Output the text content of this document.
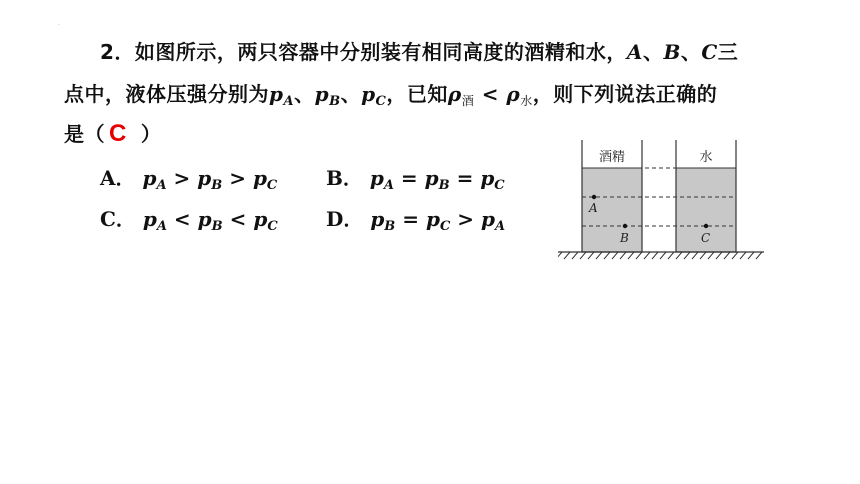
.
2．如图所示，两只容器中分别装有相同高度的酒精和水，A、B、C三
点中，液体压强分别为$p_A$、$p_B$、$p_C$，已知$\rho_酒 < \rho_水$，则下列说法正确的
是（ C ）
A． $p_A > p_B > p_C$ B． $p_A = p_B = p_C$
C． $p_A < p_B < p_C$ D． $p_B = p_C > p_A$
酒精	水
A
B	C
